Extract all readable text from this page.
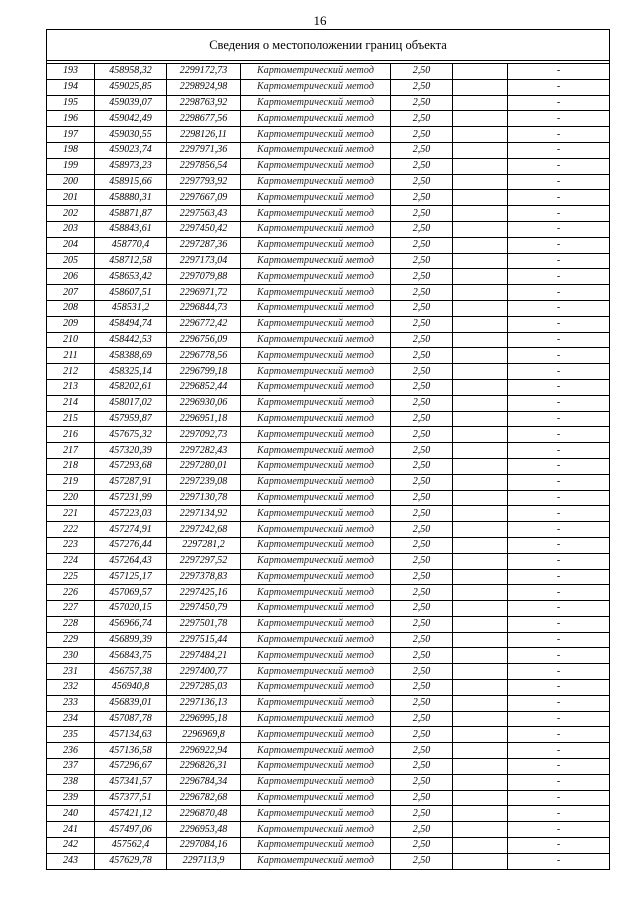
16
Сведения о местоположении границ объекта						

193	458958,32	2299172,73	Картометрический метод	2,50		-
194	459025,85	2298924,98	Картометрический метод	2,50		-
195	459039,07	2298763,92	Картометрический метод	2,50		-
196	459042,49	2298677,56	Картометрический метод	2,50		-
197	459030,55	2298126,11	Картометрический метод	2,50		-
198	459023,74	2297971,36	Картометрический метод	2,50		-
199	458973,23	2297856,54	Картометрический метод	2,50		-
200	458915,66	2297793,92	Картометрический метод	2,50		-
201	458880,31	2297667,09	Картометрический метод	2,50		-
202	458871,87	2297563,43	Картометрический метод	2,50		-
203	458843,61	2297450,42	Картометрический метод	2,50		-
204	458770,4	2297287,36	Картометрический метод	2,50		-
205	458712,58	2297173,04	Картометрический метод	2,50		-
206	458653,42	2297079,88	Картометрический метод	2,50		-
207	458607,51	2296971,72	Картометрический метод	2,50		-
208	458531,2	2296844,73	Картометрический метод	2,50		-
209	458494,74	2296772,42	Картометрический метод	2,50		-
210	458442,53	2296756,09	Картометрический метод	2,50		-
211	458388,69	2296778,56	Картометрический метод	2,50		-
212	458325,14	2296799,18	Картометрический метод	2,50		-
213	458202,61	2296852,44	Картометрический метод	2,50		-
214	458017,02	2296930,06	Картометрический метод	2,50		-
215	457959,87	2296951,18	Картометрический метод	2,50		-
216	457675,32	2297092,73	Картометрический метод	2,50		-
217	457320,39	2297282,43	Картометрический метод	2,50		-
218	457293,68	2297280,01	Картометрический метод	2,50		-
219	457287,91	2297239,08	Картометрический метод	2,50		-
220	457231,99	2297130,78	Картометрический метод	2,50		-
221	457223,03	2297134,92	Картометрический метод	2,50		-
222	457274,91	2297242,68	Картометрический метод	2,50		-
223	457276,44	2297281,2	Картометрический метод	2,50		-
224	457264,43	2297297,52	Картометрический метод	2,50		-
225	457125,17	2297378,83	Картометрический метод	2,50		-
226	457069,57	2297425,16	Картометрический метод	2,50		-
227	457020,15	2297450,79	Картометрический метод	2,50		-
228	456966,74	2297501,78	Картометрический метод	2,50		-
229	456899,39	2297515,44	Картометрический метод	2,50		-
230	456843,75	2297484,21	Картометрический метод	2,50		-
231	456757,38	2297400,77	Картометрический метод	2,50		-
232	456940,8	2297285,03	Картометрический метод	2,50		-
233	456839,01	2297136,13	Картометрический метод	2,50		-
234	457087,78	2296995,18	Картометрический метод	2,50		-
235	457134,63	2296969,8	Картометрический метод	2,50		-
236	457136,58	2296922,94	Картометрический метод	2,50		-
237	457296,67	2296826,31	Картометрический метод	2,50		-
238	457341,57	2296784,34	Картометрический метод	2,50		-
239	457377,51	2296782,68	Картометрический метод	2,50		-
240	457421,12	2296870,48	Картометрический метод	2,50		-
241	457497,06	2296953,48	Картометрический метод	2,50		-
242	457562,4	2297084,16	Картометрический метод	2,50		-
243	457629,78	2297113,9	Картометрический метод	2,50		-
